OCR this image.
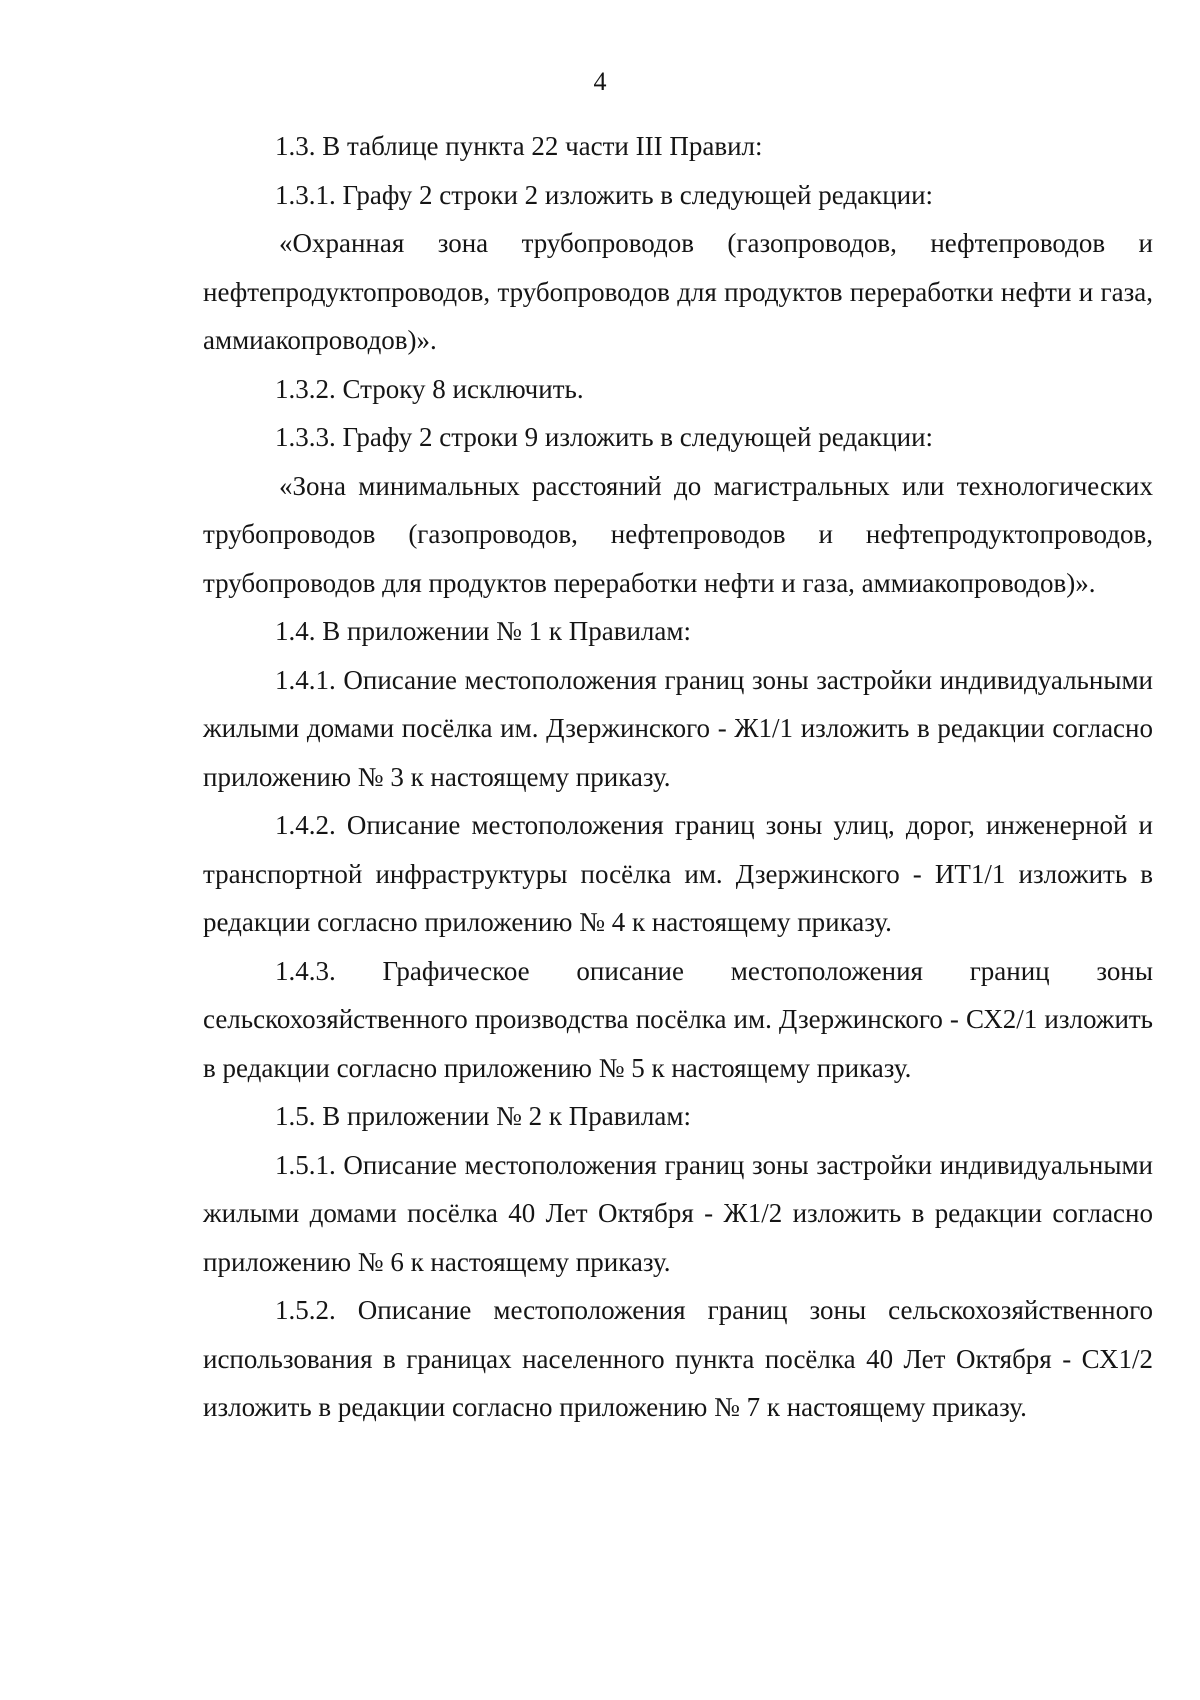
4

1.3. В таблице пункта 22 части III Правил:

1.3.1. Графу 2 строки 2 изложить в следующей редакции:

«Охранная зона трубопроводов (газопроводов, нефтепроводов и нефтепродуктопроводов, трубопроводов для продуктов переработки нефти и газа, аммиакопроводов)».

1.3.2. Строку 8 исключить.

1.3.3. Графу 2 строки 9 изложить в следующей редакции:

«Зона минимальных расстояний до магистральных или технологических трубопроводов (газопроводов, нефтепроводов и нефтепродуктопроводов, трубопроводов для продуктов переработки нефти и газа, аммиакопроводов)».

1.4. В приложении № 1 к Правилам:

1.4.1. Описание местоположения границ зоны застройки индивидуальными жилыми домами посёлка им. Дзержинского - Ж1/1 изложить в редакции согласно приложению № 3 к настоящему приказу.

1.4.2. Описание местоположения границ зоны улиц, дорог, инженерной и транспортной инфраструктуры посёлка им. Дзержинского - ИТ1/1 изложить в редакции согласно приложению № 4 к настоящему приказу.

1.4.3. Графическое описание местоположения границ зоны сельскохозяйственного производства посёлка им. Дзержинского - СХ2/1 изложить в редакции согласно приложению № 5 к настоящему приказу.

1.5. В приложении № 2 к Правилам:

1.5.1. Описание местоположения границ зоны застройки индивидуальными жилыми домами посёлка 40 Лет Октября - Ж1/2 изложить в редакции согласно приложению № 6 к настоящему приказу.

1.5.2. Описание местоположения границ зоны сельскохозяйственного использования в границах населенного пункта посёлка 40 Лет Октября - СХ1/2 изложить в редакции согласно приложению № 7 к настоящему приказу.
